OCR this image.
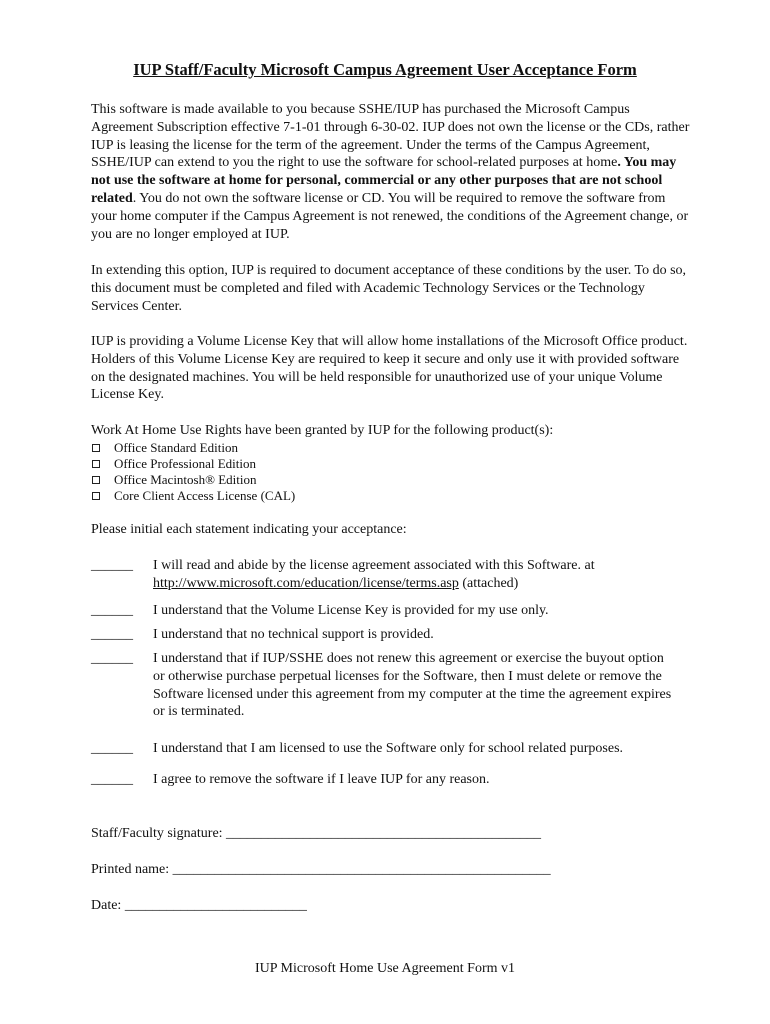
IUP Staff/Faculty Microsoft Campus Agreement User Acceptance Form

This software is made available to you because SSHE/IUP has purchased the Microsoft Campus Agreement Subscription effective 7-1-01 through 6-30-02. IUP does not own the license or the CDs, rather IUP is leasing the license for the term of the agreement. Under the terms of the Campus Agreement, SSHE/IUP can extend to you the right to use the software for school-related purposes at home. You may not use the software at home for personal, commercial or any other purposes that are not school related. You do not own the software license or CD. You will be required to remove the software from your home computer if the Campus Agreement is not renewed, the conditions of the Agreement change, or you are no longer employed at IUP.

In extending this option, IUP is required to document acceptance of these conditions by the user. To do so, this document must be completed and filed with Academic Technology Services or the Technology Services Center.

IUP is providing a Volume License Key that will allow home installations of the Microsoft Office product. Holders of this Volume License Key are required to keep it secure and only use it with provided software on the designated machines. You will be held responsible for unauthorized use of your unique Volume License Key.

Work At Home Use Rights have been granted by IUP for the following product(s):
Office Standard Edition
Office Professional Edition
Office Macintosh® Edition
Core Client Access License (CAL)
Please initial each statement indicating your acceptance:
______	I will read and abide by the license agreement associated with this Software. at
http://www.microsoft.com/education/license/terms.asp (attached)
______	I understand that the Volume License Key is provided for my use only.
______	I understand that no technical support is provided.
______	I understand that if IUP/SSHE does not renew this agreement or exercise the buyout option or otherwise purchase perpetual licenses for the Software, then I must delete or remove the Software licensed under this agreement from my computer at the time the agreement expires or is terminated.
______	I understand that I am licensed to use the Software only for school related purposes.
______	I agree to remove the software if I leave IUP for any reason.
Staff/Faculty signature: _____________________________________________
Printed name: ______________________________________________________
Date: __________________________
IUP Microsoft Home Use Agreement Form v1
